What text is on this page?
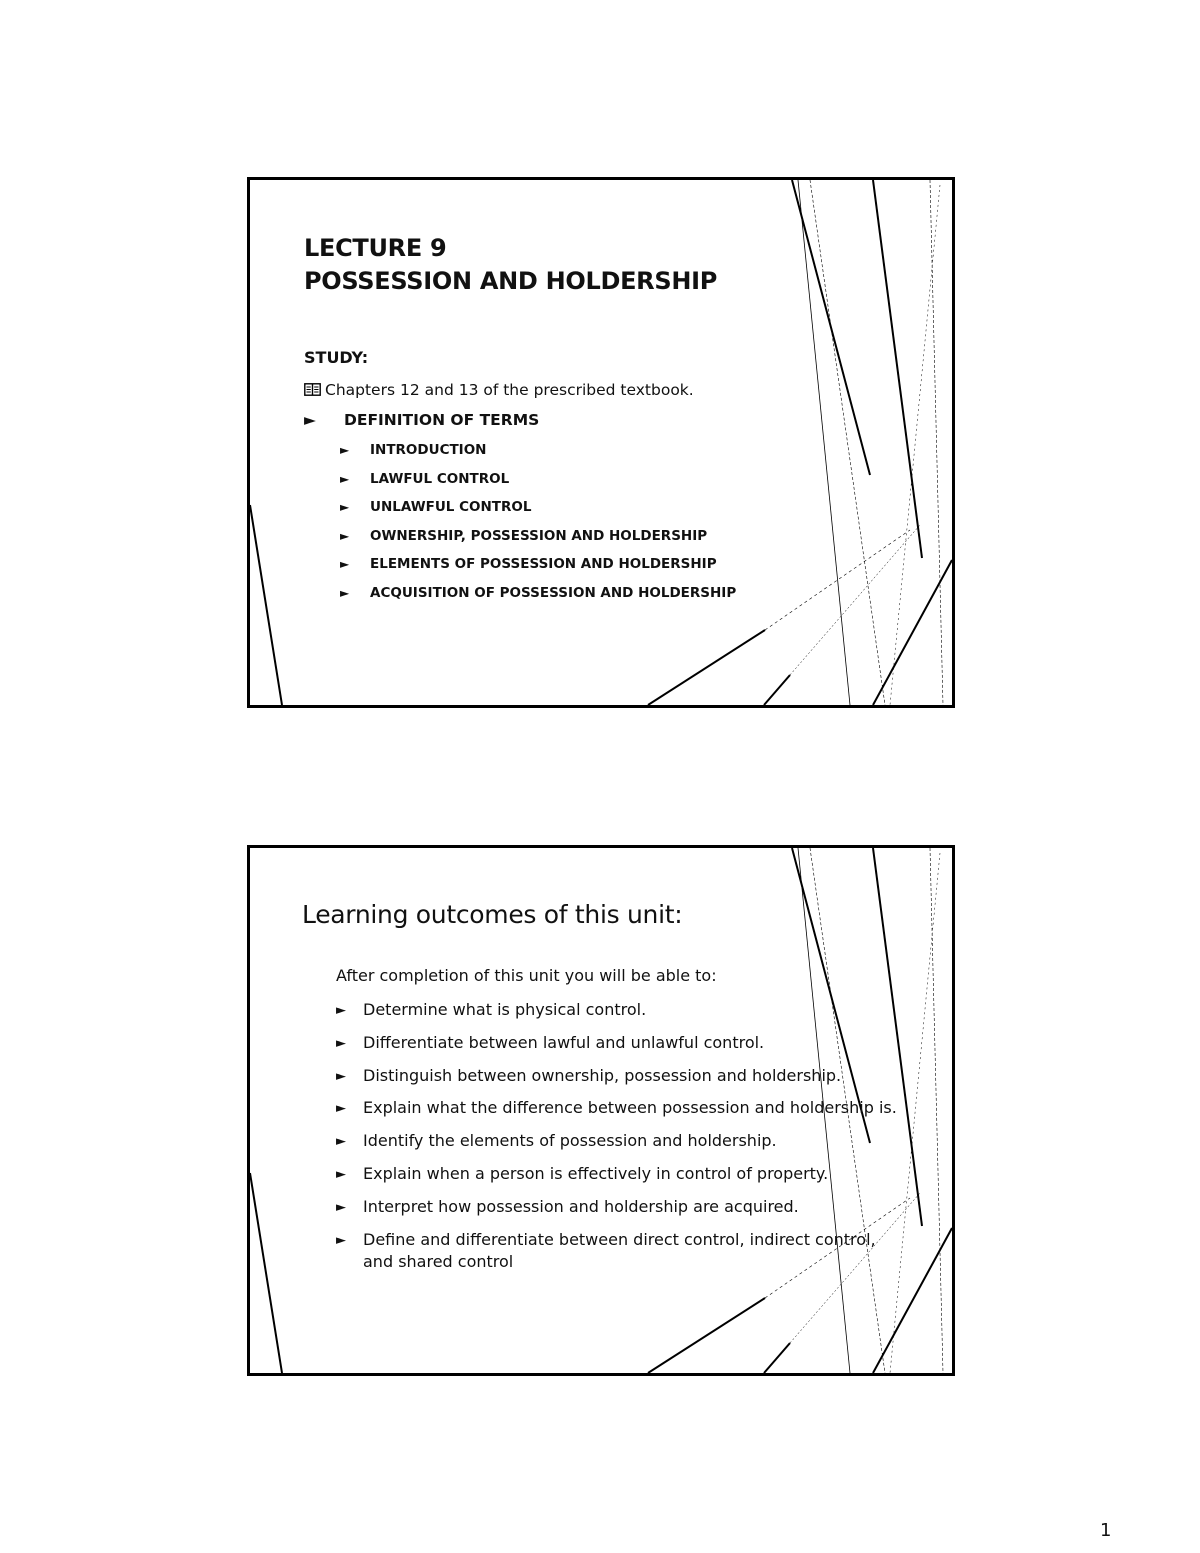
LECTURE 9
POSSESSION AND HOLDERSHIP
STUDY:
Chapters 12 and 13 of the prescribed textbook.
► DEFINITION OF TERMS
► INTRODUCTION
► LAWFUL CONTROL
► UNLAWFUL CONTROL
► OWNERSHIP, POSSESSION AND HOLDERSHIP
► ELEMENTS OF POSSESSION AND HOLDERSHIP
► ACQUISITION OF POSSESSION AND HOLDERSHIP
Learning outcomes of this unit:
After completion of this unit you will be able to:
► Determine what is physical control.
► Differentiate between lawful and unlawful control.
► Distinguish between ownership, possession and holdership.
► Explain what the difference between possession and holdership is.
► Identify the elements of possession and holdership.
► Explain when a person is effectively in control of property.
► Interpret how possession and holdership are acquired.
► Define and differentiate between direct control, indirect control, and shared control
1
